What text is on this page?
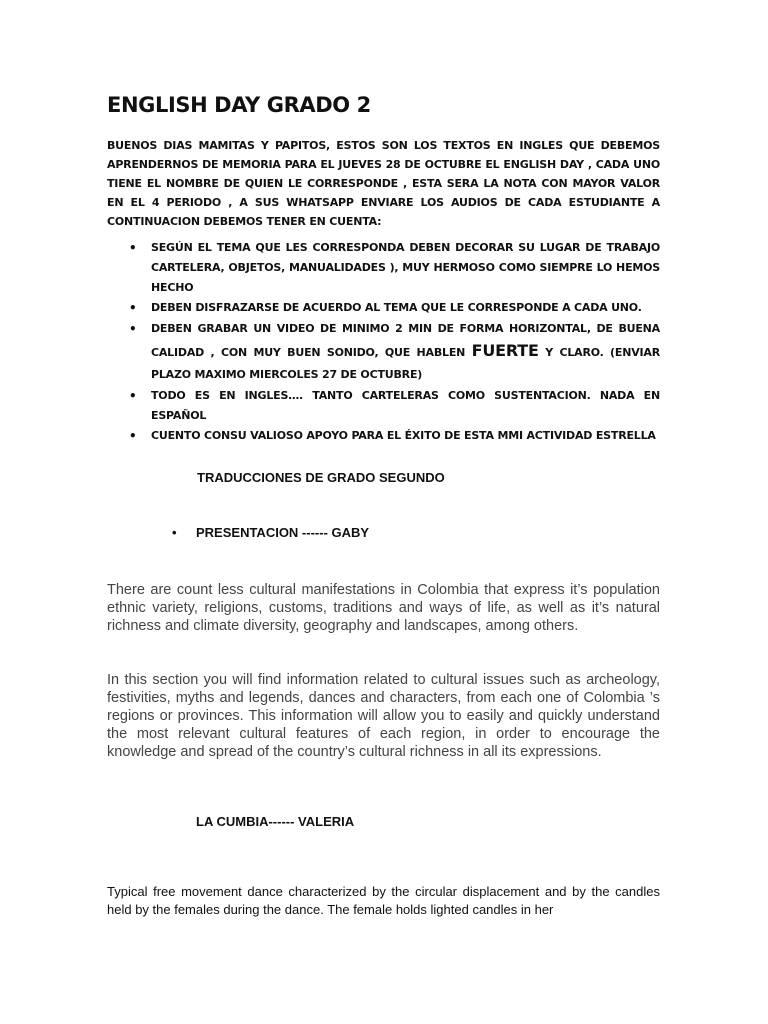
ENGLISH DAY GRADO 2

BUENOS DIAS MAMITAS Y PAPITOS, ESTOS SON LOS TEXTOS EN INGLES QUE DEBEMOS APRENDERNOS DE MEMORIA PARA EL JUEVES 28 DE OCTUBRE EL ENGLISH DAY , CADA UNO TIENE EL NOMBRE DE QUIEN LE CORRESPONDE , ESTA SERA LA NOTA CON MAYOR VALOR EN EL 4 PERIODO , A SUS WHATSAPP ENVIARE LOS AUDIOS DE CADA ESTUDIANTE A CONTINUACION DEBEMOS TENER EN CUENTA:

• SEGÚN EL TEMA QUE LES CORRESPONDA DEBEN DECORAR SU LUGAR DE TRABAJO CARTELERA, OBJETOS, MANUALIDADES ), MUY HERMOSO COMO SIEMPRE LO HEMOS HECHO
• DEBEN DISFRAZARSE DE ACUERDO AL TEMA QUE LE CORRESPONDE A CADA UNO.
• DEBEN GRABAR UN VIDEO DE MINIMO 2 MIN DE FORMA HORIZONTAL, DE BUENA CALIDAD , CON MUY BUEN SONIDO, QUE HABLEN FUERTE Y CLARO. (ENVIAR PLAZO MAXIMO MIERCOLES 27 DE OCTUBRE)
• TODO ES EN INGLES…. TANTO CARTELERAS COMO SUSTENTACION. NADA EN ESPAÑOL
• CUENTO CONSU VALIOSO APOYO PARA EL ÉXITO DE ESTA MMI ACTIVIDAD ESTRELLA
TRADUCCIONES DE GRADO SEGUNDO
• PRESENTACION ------ GABY

There are count less cultural manifestations in Colombia that express it’s population ethnic variety, religions, customs, traditions and ways of life, as well as it’s natural richness and climate diversity, geography and landscapes, among others.

In this section you will find information related to cultural issues such as archeology, festivities, myths and legends, dances and characters, from each one of Colombia ’s regions or provinces. This information will allow you to easily and quickly understand the most relevant cultural features of each region, in order to encourage the knowledge and spread of the country’s cultural richness in all its expressions.

LA CUMBIA------ VALERIA

Typical free movement dance characterized by the circular displacement and by the candles held by the females during the dance. The female holds lighted candles in her
